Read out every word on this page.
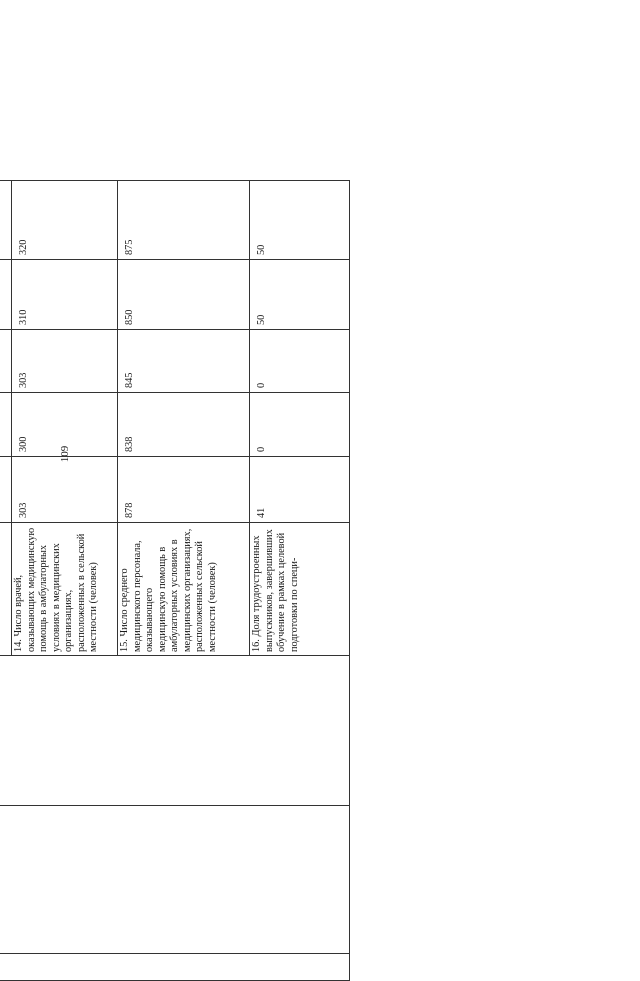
109

			14. Число врачей, оказывающих медицинскую помощь в амбулаторных условиях в медицинских организациях, расположенных в сельской местности (человек)	303	300	303	310	320
			15. Число среднего медицинского персонала, оказывающего медицинскую помощь в амбулаторных условиях в медицинских организациях, расположенных сельской местности (человек)	878	838	845	850	875
			16. Доля трудоустроенных выпускников, завершивших обучение в рамках целевой подготовки по специ-	41	0	0	50	50
